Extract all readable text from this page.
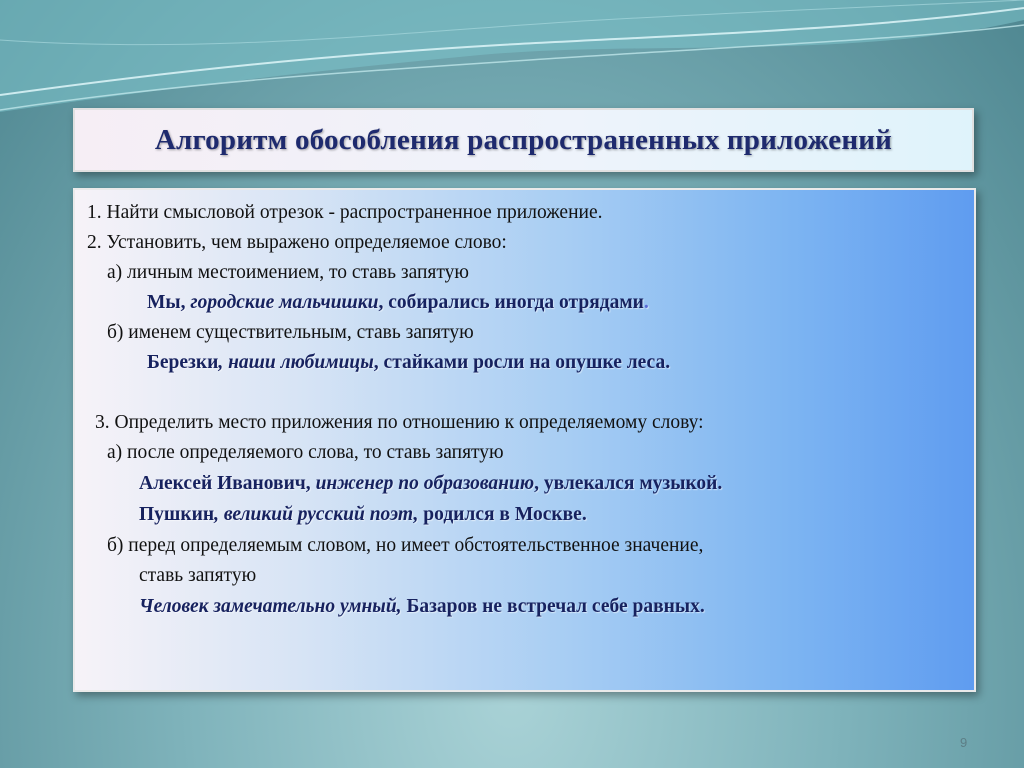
Алгоритм обособления распространенных приложений
1. Найти смысловой отрезок - распространенное приложение.
2. Установить, чем выражено определяемое слово:
а) личным местоимением, то ставь запятую
Мы, городские мальчишки, собирались иногда отрядами.
б) именем существительным, ставь запятую
Березки, наши любимицы, стайками росли на опушке леса.
3. Определить место приложения по отношению к определяемому слову:
а) после определяемого слова, то ставь запятую
Алексей Иванович, инженер по образованию, увлекался музыкой.
Пушкин, великий русский поэт, родился в Москве.
б) перед определяемым словом, но имеет обстоятельственное значение,
ставь запятую
Человек замечательно умный, Базаров не встречал себе равных.
9
